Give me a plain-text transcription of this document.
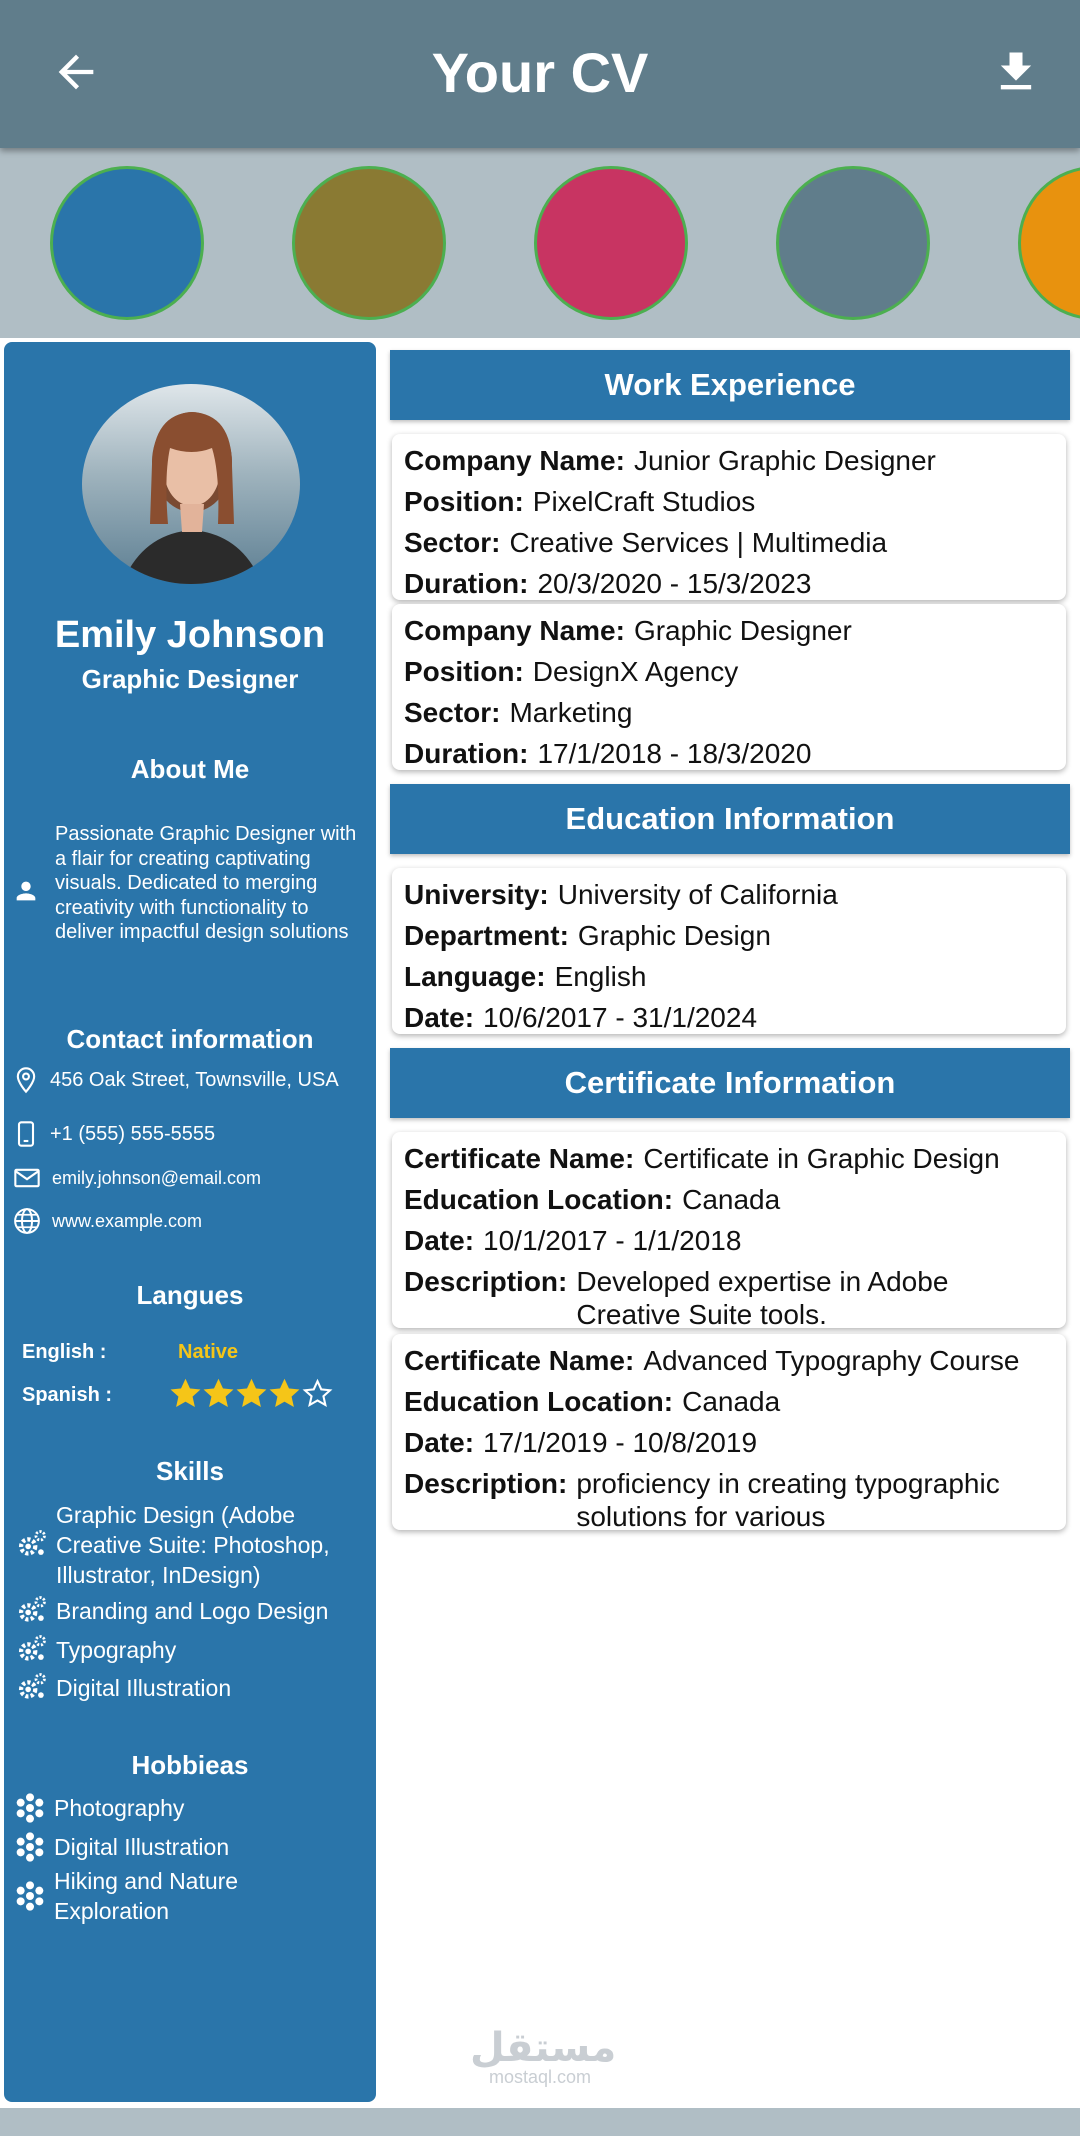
Your CV
Emily Johnson
Graphic Designer
About Me
Passionate Graphic Designer with a flair for creating captivating visuals. Dedicated to merging creativity with functionality to deliver impactful design solutions
Contact information
456 Oak Street, Townsville, USA
+1 (555) 555-5555
emily.johnson@email.com
www.example.com
Langues
English :	Native
Spanish :
Skills
Graphic Design (Adobe Creative Suite: Photoshop, Illustrator, InDesign)
Branding and Logo Design
Typography
Digital Illustration
Hobbieas
Photography
Digital Illustration
Hiking and Nature Exploration
Work Experience
Company Name: Junior Graphic Designer
Position: PixelCraft Studios
Sector: Creative Services | Multimedia
Duration: 20/3/2020 - 15/3/2023
Company Name: Graphic Designer
Position: DesignX Agency
Sector: Marketing
Duration: 17/1/2018 - 18/3/2020
Education Information
University: University of California
Department: Graphic Design
Language: English
Date: 10/6/2017 - 31/1/2024
Certificate Information
Certificate Name: Certificate in Graphic Design
Education Location: Canada
Date: 10/1/2017 - 1/1/2018
Description: Developed expertise in Adobe
Creative Suite tools.
Certificate Name: Advanced Typography Course
Education Location: Canada
Date: 17/1/2019 - 10/8/2019
Description: proficiency in creating typographic
solutions for various
مستقل
mostaql.com
